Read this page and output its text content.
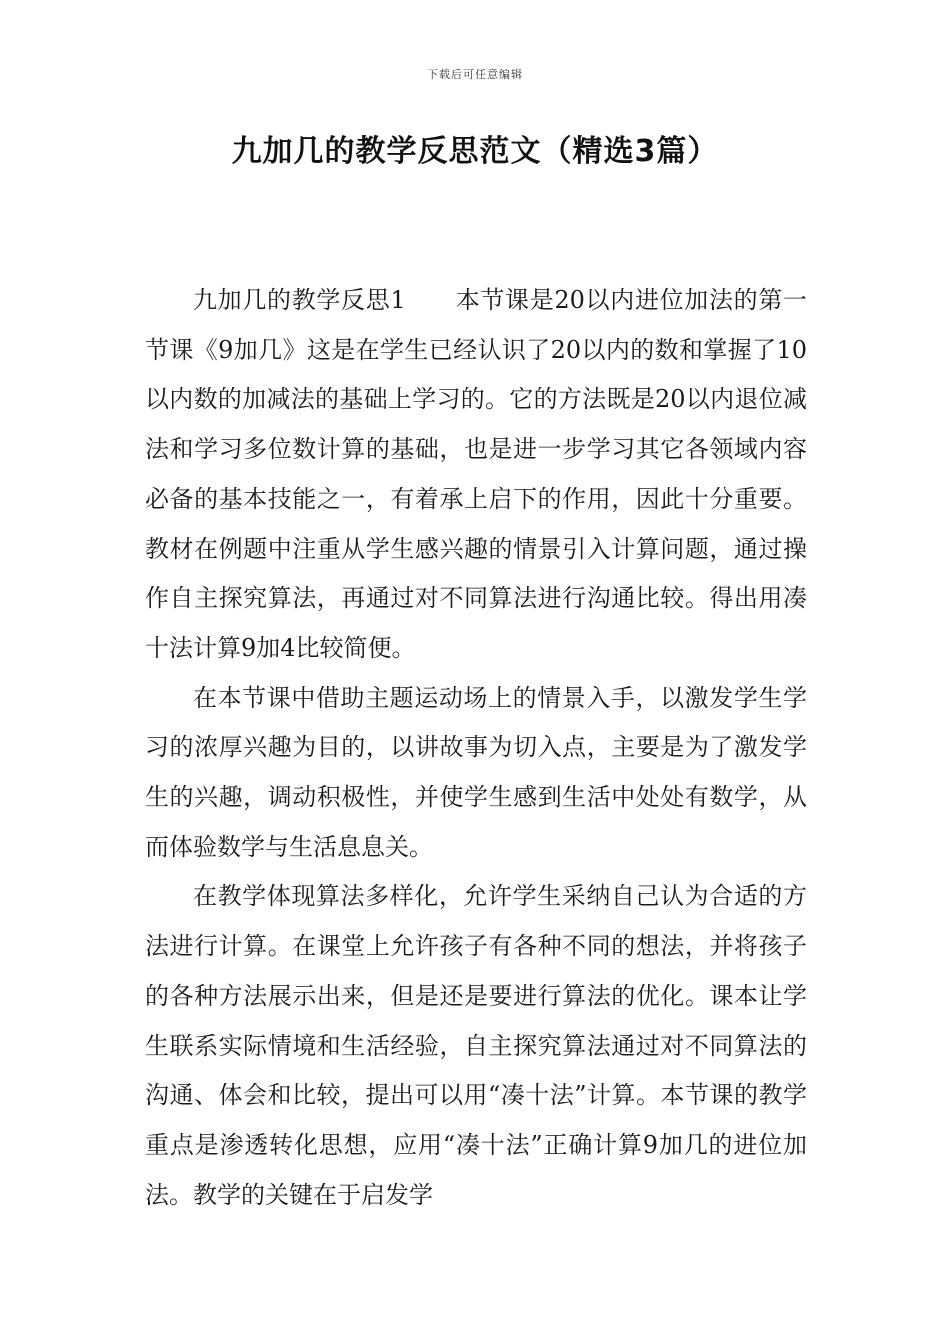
下载后可任意编辑
九加几的教学反思范文（精选3篇）

九加几的教学反思1　　本节课是20以内进位加法的第一节课《9加几》这是在学生已经认识了20以内的数和掌握了10以内数的加减法的基础上学习的。它的方法既是20以内退位减法和学习多位数计算的基础，也是进一步学习其它各领域内容必备的基本技能之一，有着承上启下的作用，因此十分重要。教材在例题中注重从学生感兴趣的情景引入计算问题，通过操作自主探究算法，再通过对不同算法进行沟通比较。得出用凑十法计算9加4比较简便。

在本节课中借助主题运动场上的情景入手，以激发学生学习的浓厚兴趣为目的，以讲故事为切入点，主要是为了激发学生的兴趣，调动积极性，并使学生感到生活中处处有数学，从而体验数学与生活息息关。

在教学体现算法多样化，允许学生采纳自己认为合适的方法进行计算。在课堂上允许孩子有各种不同的想法，并将孩子的各种方法展示出来，但是还是要进行算法的优化。课本让学生联系实际情境和生活经验，自主探究算法通过对不同算法的沟通、体会和比较，提出可以用“凑十法”计算。本节课的教学重点是渗透转化思想，应用“凑十法”正确计算9加几的进位加法。教学的关键在于启发学
